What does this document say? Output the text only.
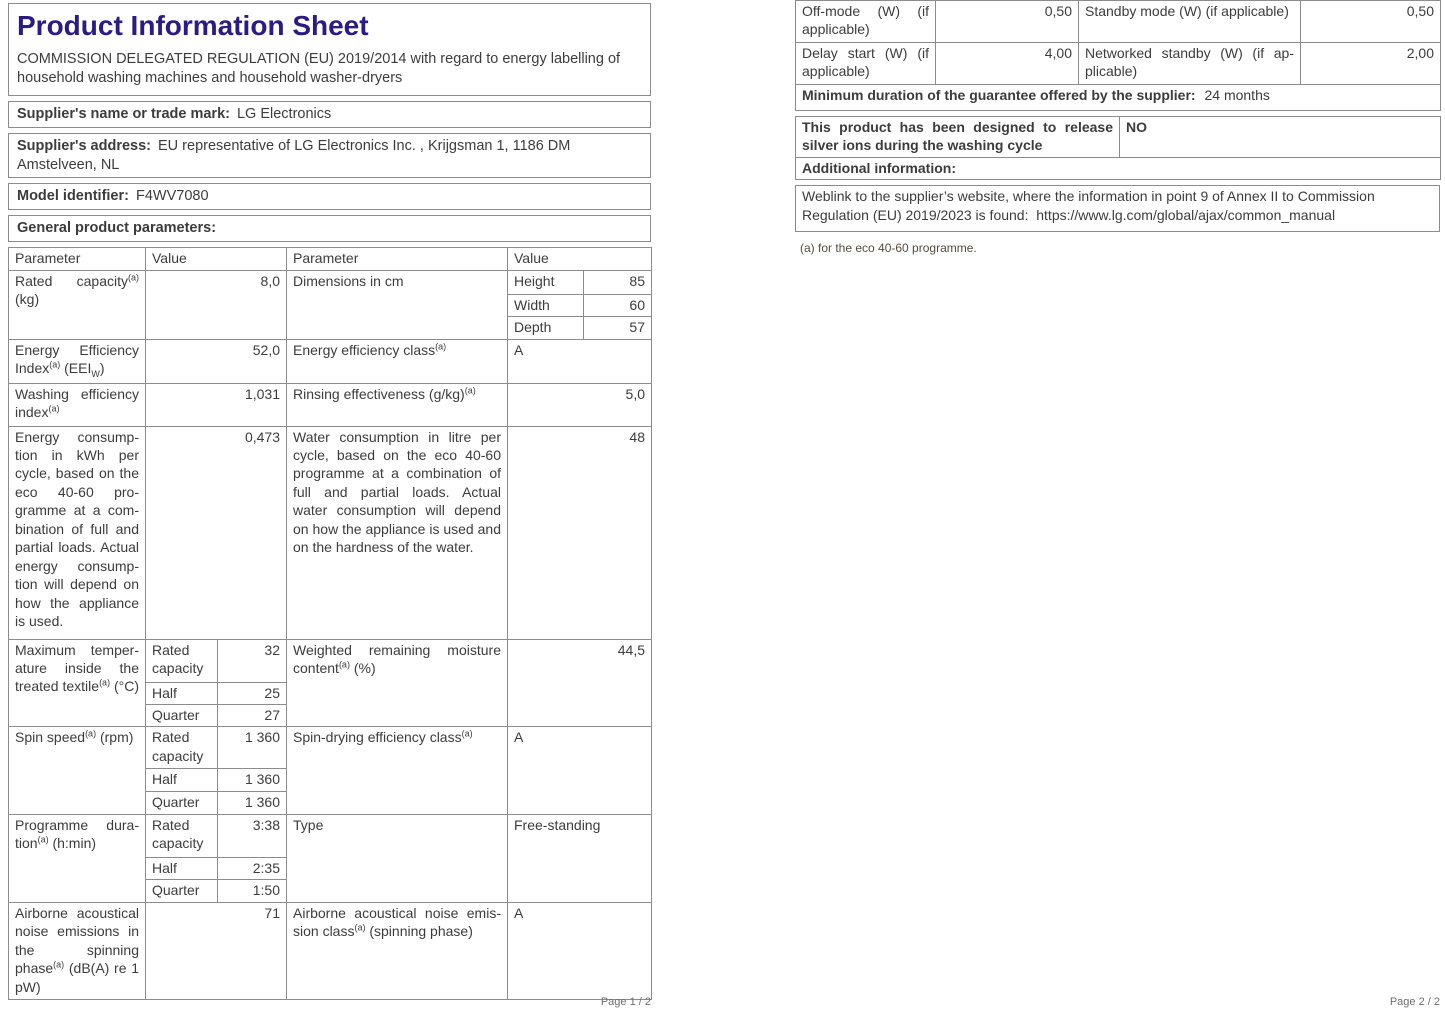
Product Information Sheet
COMMISSION DELEGATED REGULATION (EU) 2019/2014 with regard to energy labelling of household washing machines and household washer-dryers
Supplier's name or trade mark: LG Electronics
Supplier's address: EU representative of LG Electronics Inc. , Krijgsman 1, 1186 DM Amstelveen, NL
Model identifier: F4WV7080
General product parameters:
Parameter	Value		Parameter	Value	
Rated capacity$^{(a)}$ (kg)	8,0		Dimensions in cm	Height	85
				Width	60
				Depth	57
Energy Efficiency Index$^{(a)}$ $(EEI_W)$	52,0		Energy efficiency class$^{(a)}$	A	
Washing efficiency index$^{(a)}$	1,031		Rinsing effectiveness $(g/kg)^{(a)}$	5,0	
Energy consumption in kWh per cycle, based on the eco 40-60 programme at a combination of full and partial loads. Actual energy consumption will depend on how the appliance is used.	0,473		Water consumption in litre per cycle, based on the eco 40-60 programme at a combination of full and partial loads. Actual water consumption will depend on how the appliance is used and on the hardness of the water.	48	
Maximum temperature inside the treated textile$^{(a)}$ (°C)	Rated capacity	32	Weighted remaining moisture content$^{(a)}$ (%)	44,5	
	Half	25			
	Quarter	27			
Spin speed$^{(a)}$ (rpm)	Rated capacity	1 360	Spin-drying efficiency class$^{(a)}$	A	
	Half	1 360			
	Quarter	1 360			
Programme duration$^{(a)}$ (h:min)	Rated capacity	3:38	Type	Free-standing	
	Half	2:35			
	Quarter	1:50			
Airborne acoustical noise emissions in the spinning phase$^{(a)}$ (dB(A) re 1 pW)	71		Airborne acoustical noise emission class$^{(a)}$ (spinning phase)	A	
Off-mode (W) (if applicable)	0,50	Standby mode (W) (if applicable)	0,50
Delay start (W) (if applicable)	4,00	Networked standby (W) (if applicable)	2,00
Minimum duration of the guarantee offered by the supplier: 24 months			
This product has been designed to release silver ions during the washing cycle	NO
Additional information:
Weblink to the supplier’s website, where the information in point 9 of Annex II to Commission Regulation (EU) 2019/2023 is found:  https://www.lg.com/global/ajax/common_manual
(a) for the eco 40-60 programme.
Page 1 / 2	Page 2 / 2
